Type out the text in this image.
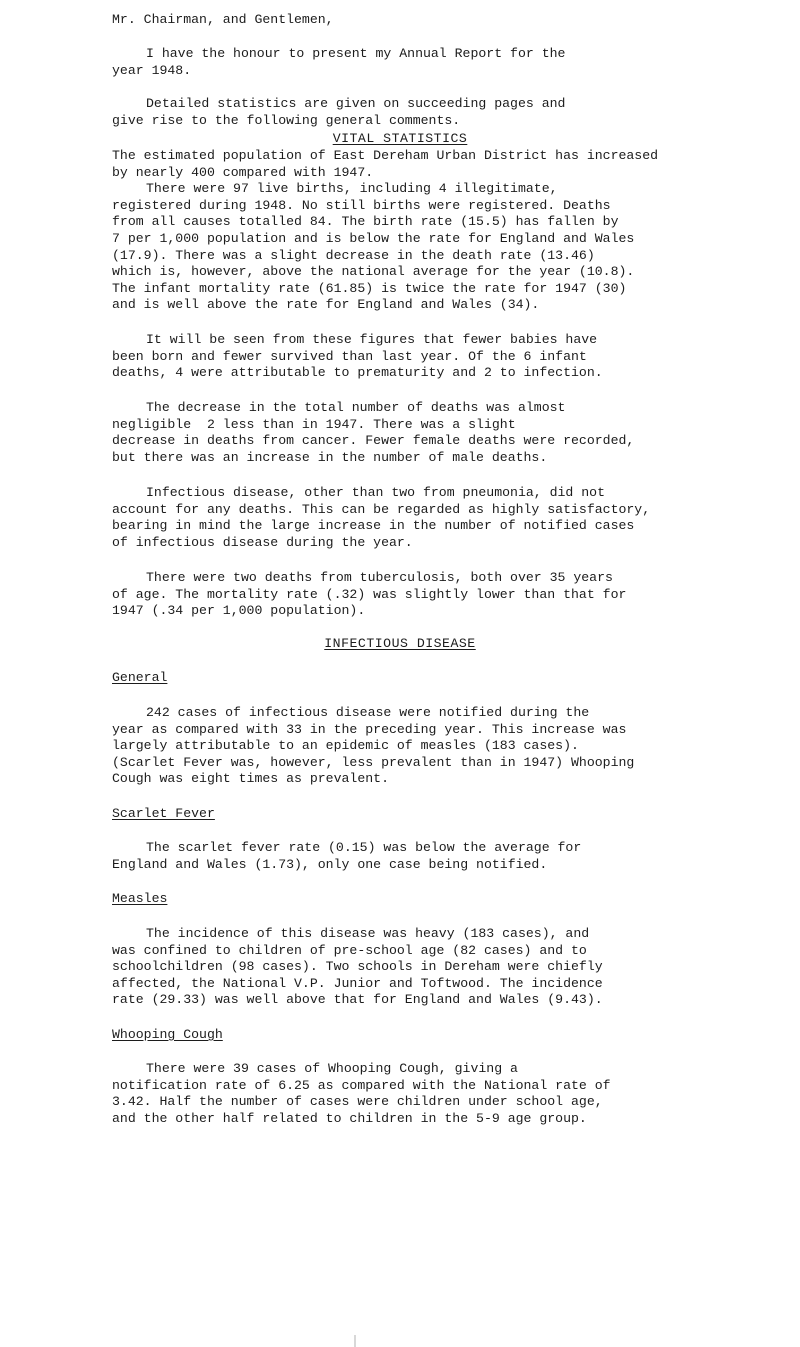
Mr. Chairman, and Gentlemen,
I have the honour to present my Annual Report for the
year 1948.
Detailed statistics are given on succeeding pages and
give rise to the following general comments.
VITAL STATISTICS
The estimated population of East Dereham Urban District has increased
by nearly 400 compared with 1947.
There were 97 live births, including 4 illegitimate,
registered during 1948. No still births were registered. Deaths
from all causes totalled 84. The birth rate (15.5) has fallen by
7 per 1,000 population and is below the rate for England and Wales
(17.9). There was a slight decrease in the death rate (13.46)
which is, however, above the national average for the year (10.8).
The infant mortality rate (61.85) is twice the rate for 1947 (30)
and is well above the rate for England and Wales (34).
It will be seen from these figures that fewer babies have
been born and fewer survived than last year. Of the 6 infant
deaths, 4 were attributable to prematurity and 2 to infection.
The decrease in the total number of deaths was almost
negligible  2 less than in 1947. There was a slight
decrease in deaths from cancer. Fewer female deaths were recorded,
but there was an increase in the number of male deaths.
Infectious disease, other than two from pneumonia, did not
account for any deaths. This can be regarded as highly satisfactory,
bearing in mind the large increase in the number of notified cases
of infectious disease during the year.
There were two deaths from tuberculosis, both over 35 years
of age. The mortality rate (.32) was slightly lower than that for
1947 (.34 per 1,000 population).
INFECTIOUS DISEASE
General
242 cases of infectious disease were notified during the
year as compared with 33 in the preceding year. This increase was
largely attributable to an epidemic of measles (183 cases).
(Scarlet Fever was, however, less prevalent than in 1947) Whooping
Cough was eight times as prevalent.
Scarlet Fever
The scarlet fever rate (0.15) was below the average for
England and Wales (1.73), only one case being notified.
Measles
The incidence of this disease was heavy (183 cases), and
was confined to children of pre-school age (82 cases) and to
schoolchildren (98 cases). Two schools in Dereham were chiefly
affected, the National V.P. Junior and Toftwood. The incidence
rate (29.33) was well above that for England and Wales (9.43).
Whooping Cough
There were 39 cases of Whooping Cough, giving a
notification rate of 6.25 as compared with the National rate of
3.42. Half the number of cases were children under school age,
and the other half related to children in the 5-9 age group.
